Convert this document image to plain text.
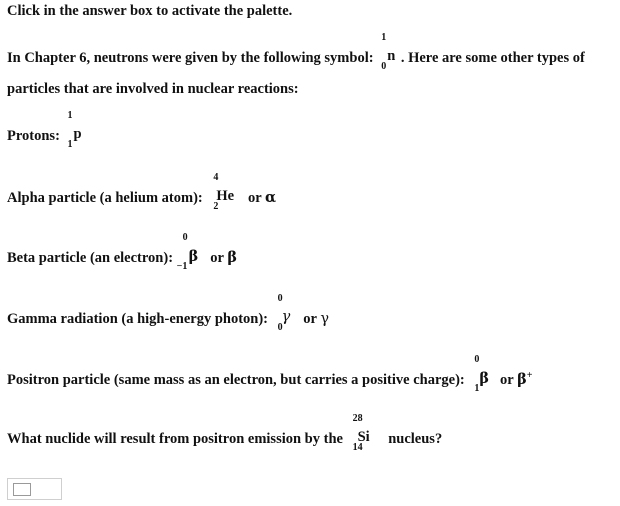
Click in the answer box to activate the palette.
In Chapter 6, neutrons were given by the following symbol:
1
n
0
. Here are some other types of
particles that are involved in nuclear reactions:
Protons:
1
p
1
Alpha particle (a helium atom):
4
He
2
or α
Beta particle (an electron):
0
β
−1
or β
Gamma radiation (a high-energy photon):
0
γ
0
or γ
Positron particle (same mass as an electron, but carries a positive charge):
0
β
1
or β+
What nuclide will result from positron emission by the
28
Si
14
nucleus?
